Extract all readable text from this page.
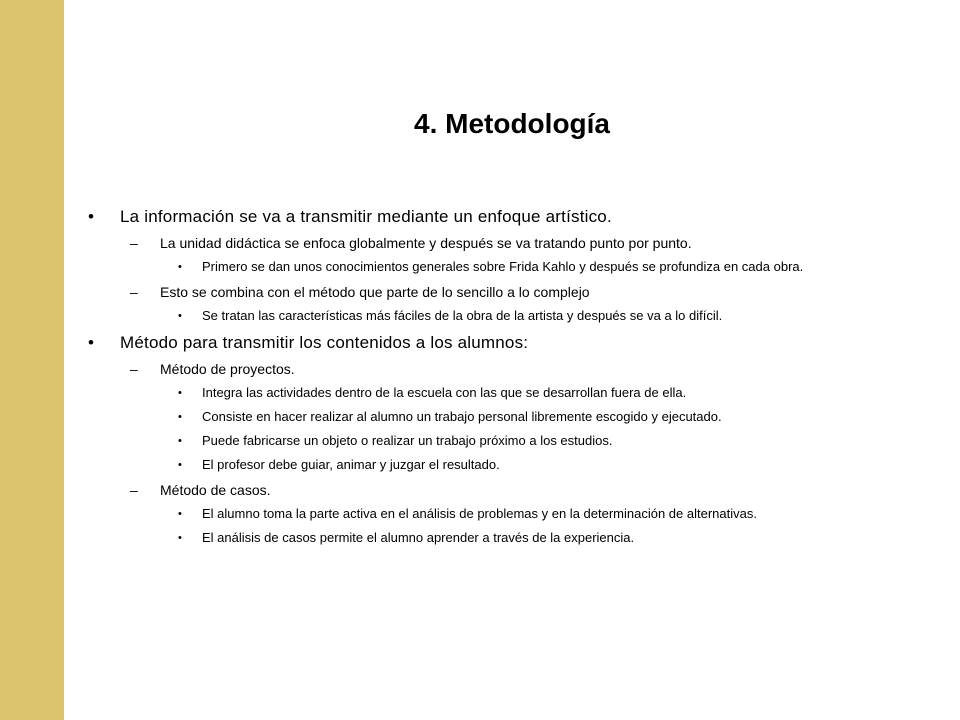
4. Metodología
• La información se va a transmitir mediante un enfoque artístico.
– La unidad didáctica se enfoca globalmente y después se va tratando punto por punto.
• Primero se dan unos conocimientos generales sobre Frida Kahlo y después se profundiza en cada obra.
– Esto se combina con el método que parte de lo sencillo a lo complejo
• Se tratan las características más fáciles de la obra de la artista y después se va a lo difícil.
• Método para transmitir los contenidos a los alumnos:
– Método de proyectos.
• Integra las actividades dentro de la escuela con las que se desarrollan fuera de ella.
• Consiste en hacer realizar al alumno un trabajo personal libremente escogido y ejecutado.
• Puede fabricarse un objeto o realizar un trabajo próximo a los estudios.
• El profesor debe guiar, animar y juzgar el resultado.
– Método de casos.
• El alumno toma la parte activa en el análisis de problemas y en la determinación de alternativas.
• El análisis de casos permite el alumno aprender a través de la experiencia.
